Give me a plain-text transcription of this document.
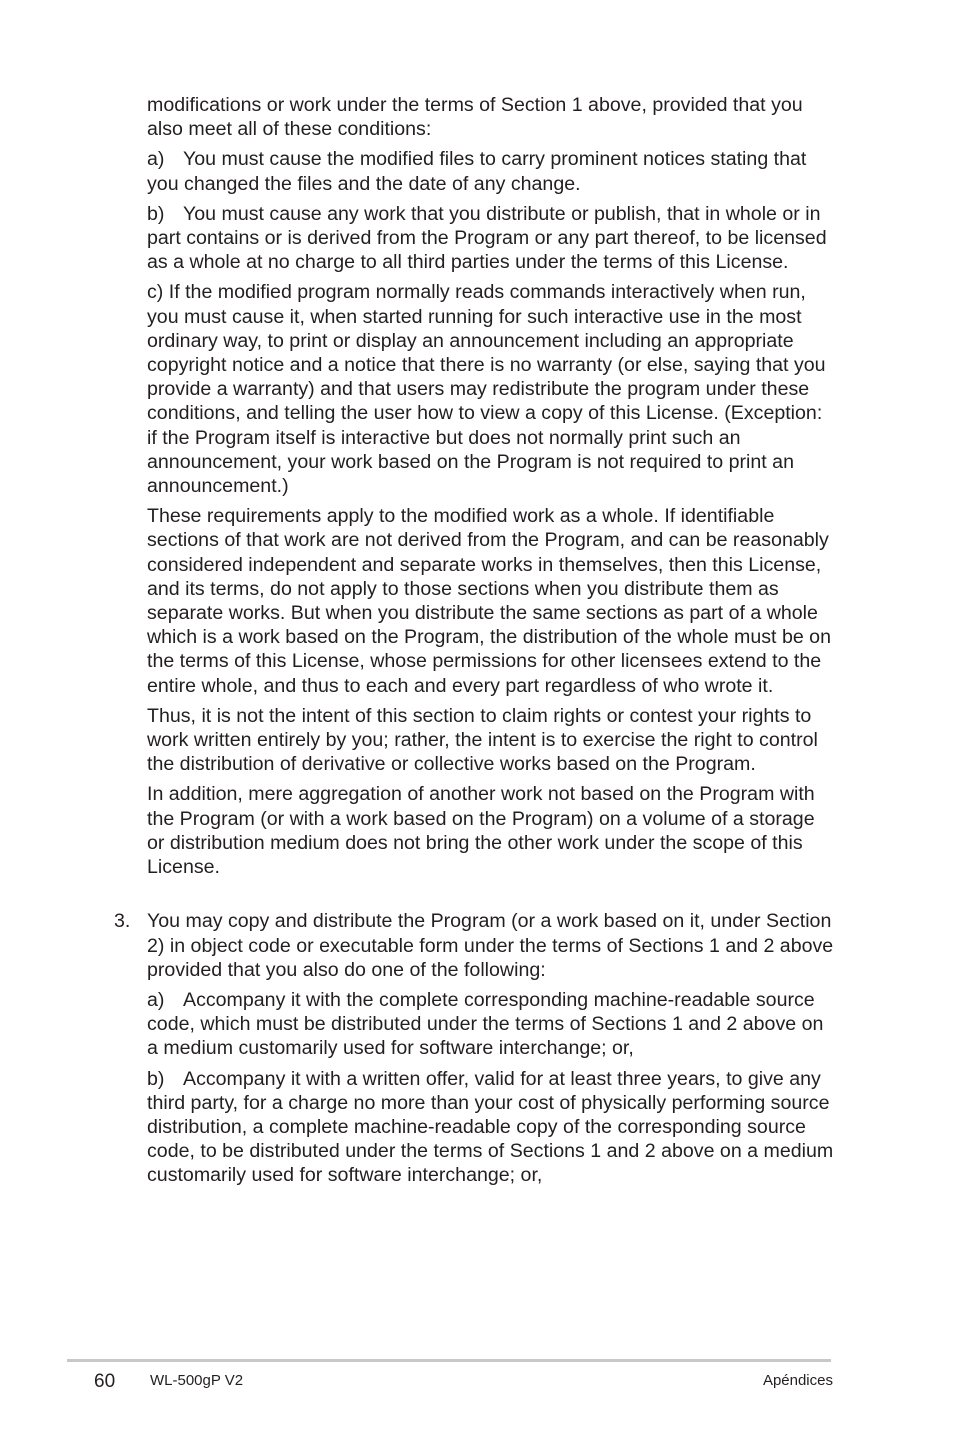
modifications or work under the terms of Section 1 above, provided that you also meet all of these conditions:

a) You must cause the modified files to carry prominent notices stating that you changed the files and the date of any change.

b) You must cause any work that you distribute or publish, that in whole or in part contains or is derived from the Program or any part thereof, to be licensed as a whole at no charge to all third parties under the terms of this License.

c) If the modified program normally reads commands interactively when run, you must cause it, when started running for such interactive use in the most ordinary way, to print or display an announcement including an appropriate copyright notice and a notice that there is no warranty (or else, saying that you provide a warranty) and that users may redistribute the program under these conditions, and telling the user how to view a copy of this License. (Exception: if the Program itself is interactive but does not normally print such an announcement, your work based on the Program is not required to print an announcement.)

These requirements apply to the modified work as a whole. If identifiable sections of that work are not derived from the Program, and can be reasonably considered independent and separate works in themselves, then this License, and its terms, do not apply to those sections when you distribute them as separate works. But when you distribute the same sections as part of a whole which is a work based on the Program, the distribution of the whole must be on the terms of this License, whose permissions for other licensees extend to the entire whole, and thus to each and every part regardless of who wrote it.

Thus, it is not the intent of this section to claim rights or contest your rights to work written entirely by you; rather, the intent is to exercise the right to control the distribution of derivative or collective works based on the Program.

In addition, mere aggregation of another work not based on the Program with the Program (or with a work based on the Program) on a volume of a storage or distribution medium does not bring the other work under the scope of this License.

3. You may copy and distribute the Program (or a work based on it, under Section 2) in object code or executable form under the terms of Sections 1 and 2 above provided that you also do one of the following:

a) Accompany it with the complete corresponding machine-readable source code, which must be distributed under the terms of Sections 1 and 2 above on a medium customarily used for software interchange; or,

b) Accompany it with a written offer, valid for at least three years, to give any third party, for a charge no more than your cost of physically performing source distribution, a complete machine-readable copy of the corresponding source code, to be distributed under the terms of Sections 1 and 2 above on a medium customarily used for software interchange; or,

60 WL-500gP V2	Apéndices
